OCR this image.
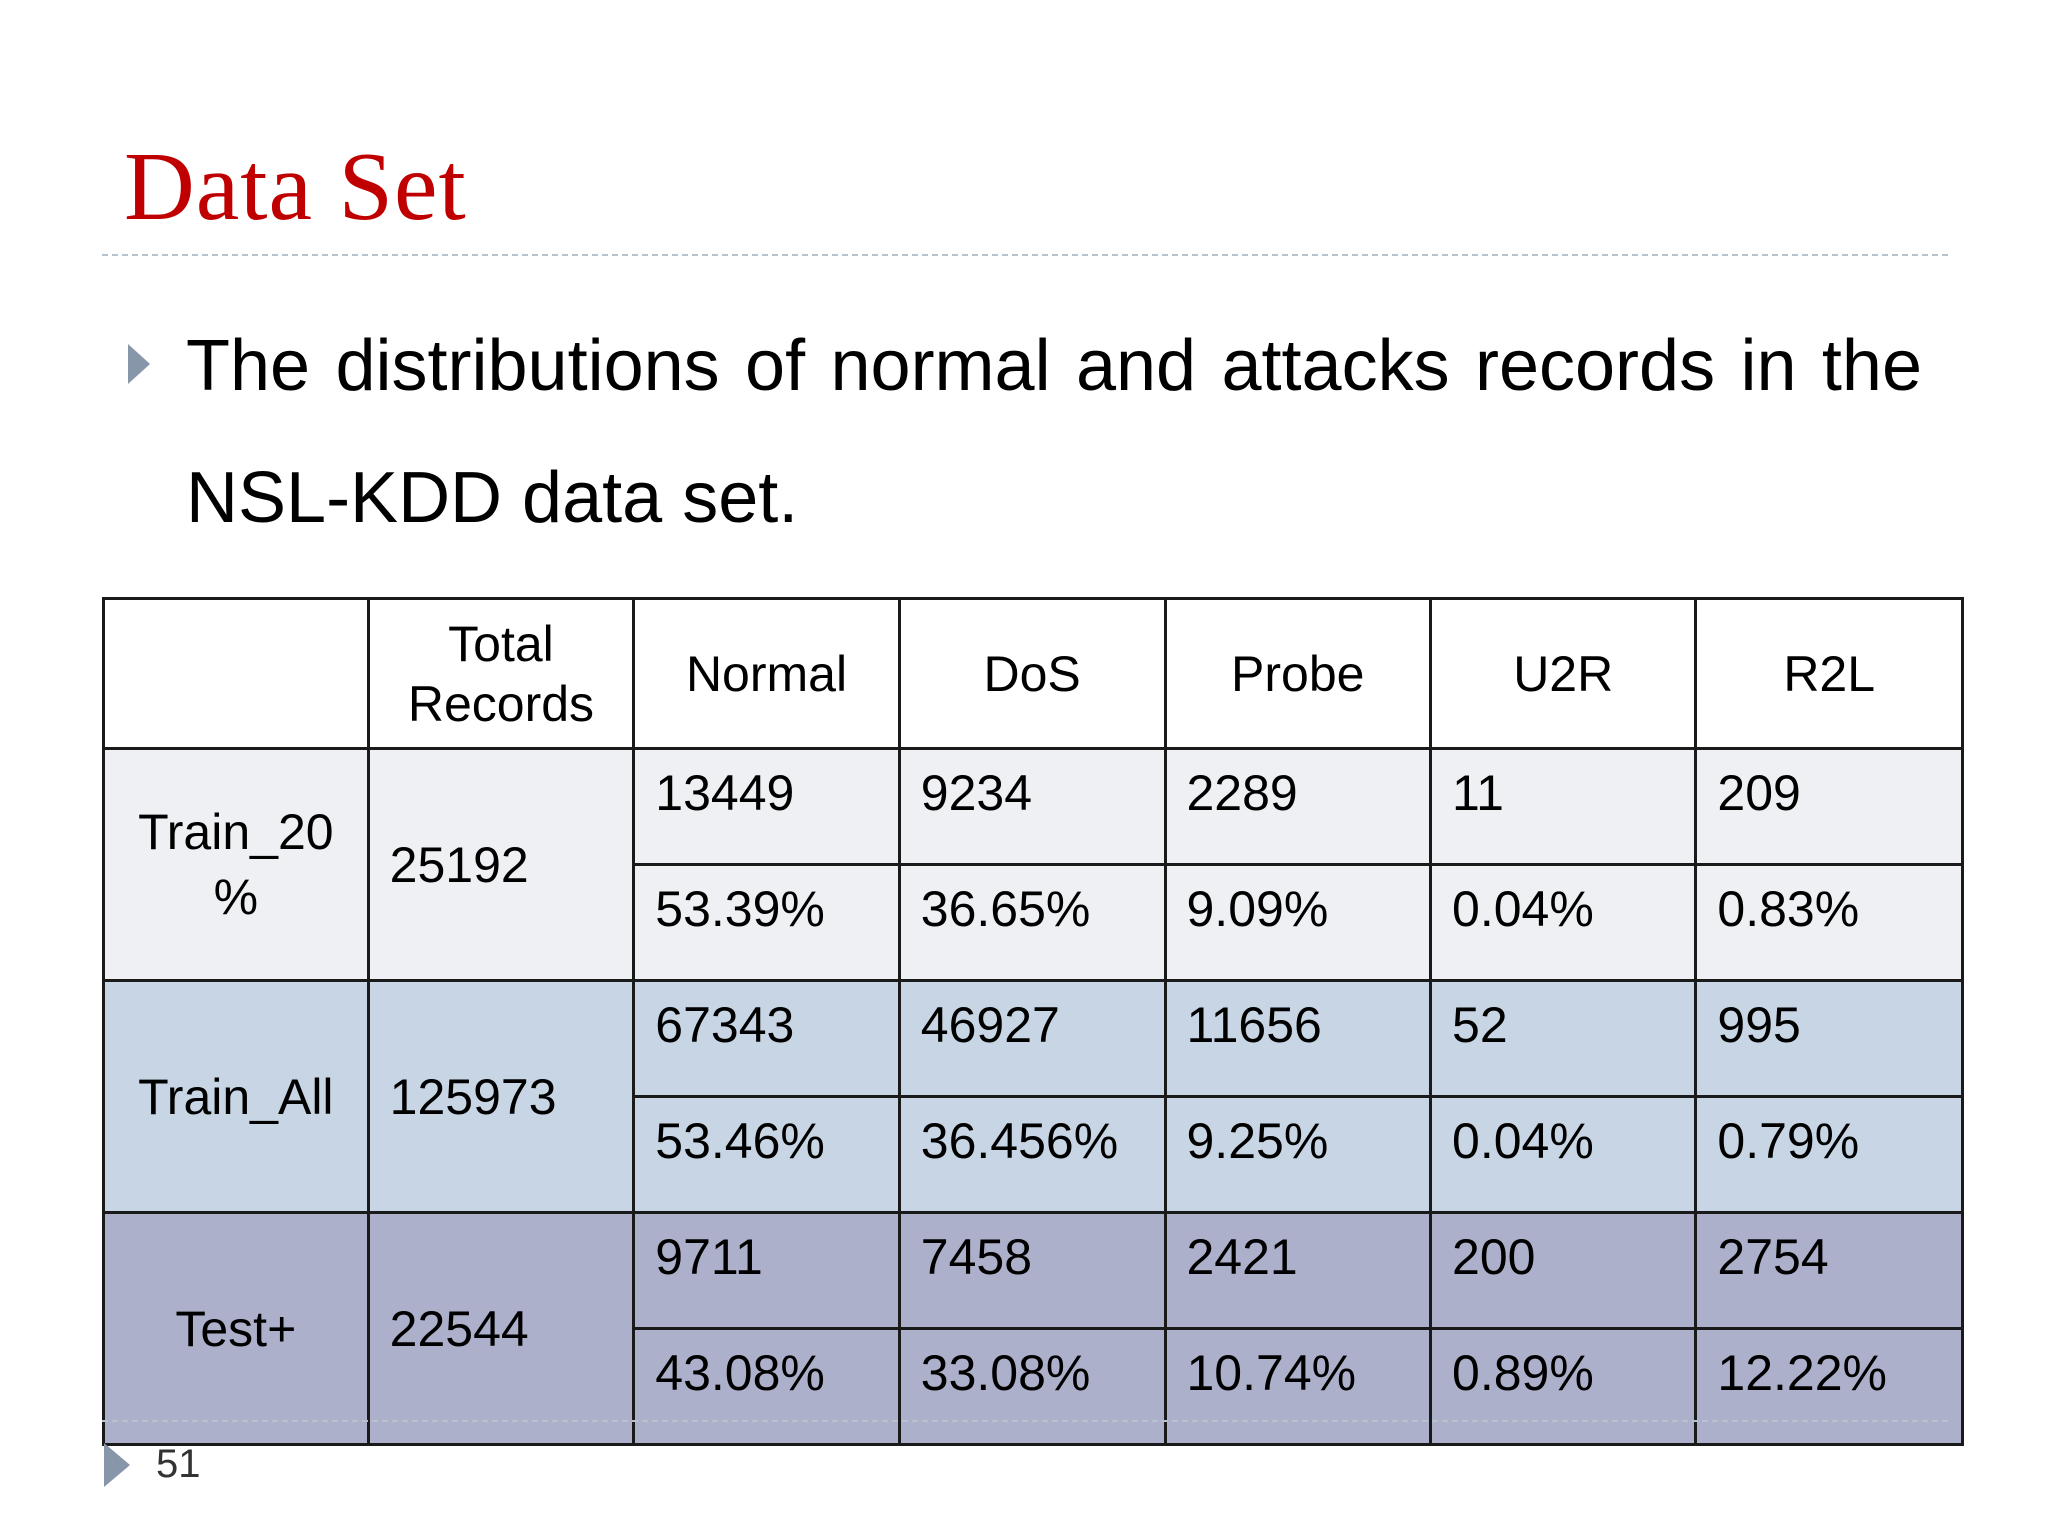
Data Set
The distributions of normal and attacks records in the NSL-KDD data set.
	Total Records	Normal	DoS	Probe	U2R	R2L
Train_20 %	25192	13449	9234	2289	11	209
		53.39%	36.65%	9.09%	0.04%	0.83%
Train_All	125973	67343	46927	11656	52	995
		53.46%	36.456%	9.25%	0.04%	0.79%
Test+	22544	9711	7458	2421	200	2754
		43.08%	33.08%	10.74%	0.89%	12.22%
51
